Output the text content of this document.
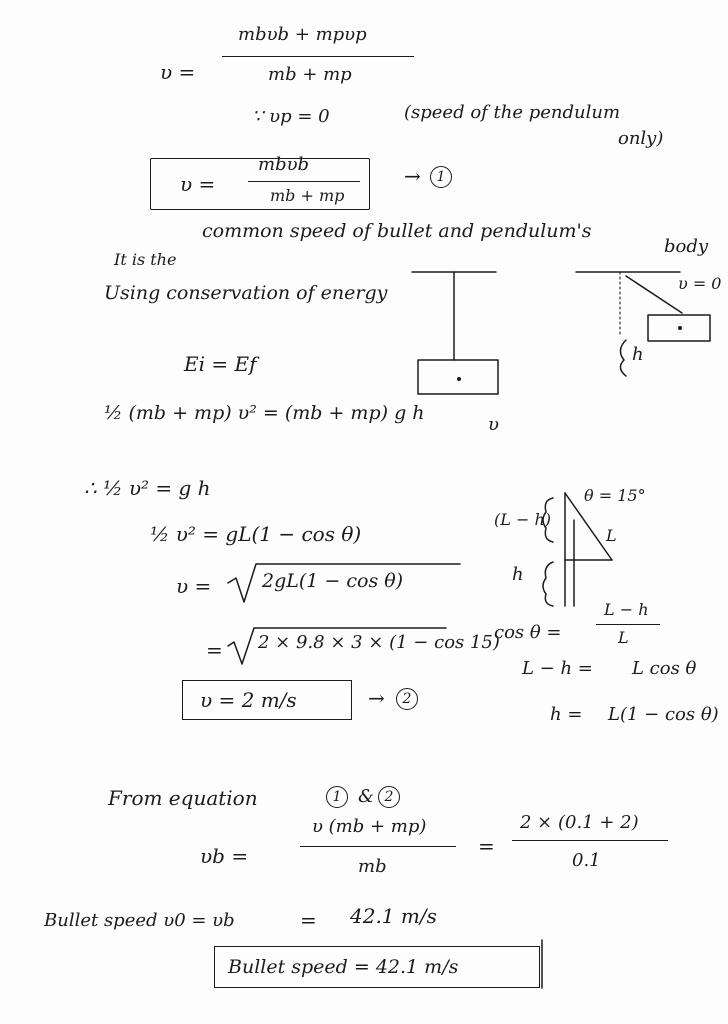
υ =
mbυb + mpυp
mb + mp
∵ υp = 0	(speed of the pendulum
only)
υ =
mbυb
mb + mp
→	1
It is the
common speed of bullet and pendulum's
body
Using conservation of energy
Ei = Ef
½ (mb + mp) υ² = (mb + mp) g h
υ
υ = 0
h
∴ ½ υ² = g h
½ υ² = gL(1 − cos θ)
υ =	2gL(1 − cos θ)
= 2 × 9.8 × 3 × (1 − cos 15)
υ = 2 m/s	→	2
(L − h)
θ = 15°
L
h
cos θ =
L − h
L
L − h = L cos θ
h = L(1 − cos θ)
From equation	1 & 2
υb =
υ (mb + mp)
mb
=
2 × (0.1 + 2)
0.1
Bullet speed υ0 = υb	= 42.1 m/s
Bullet speed = 42.1 m/s
